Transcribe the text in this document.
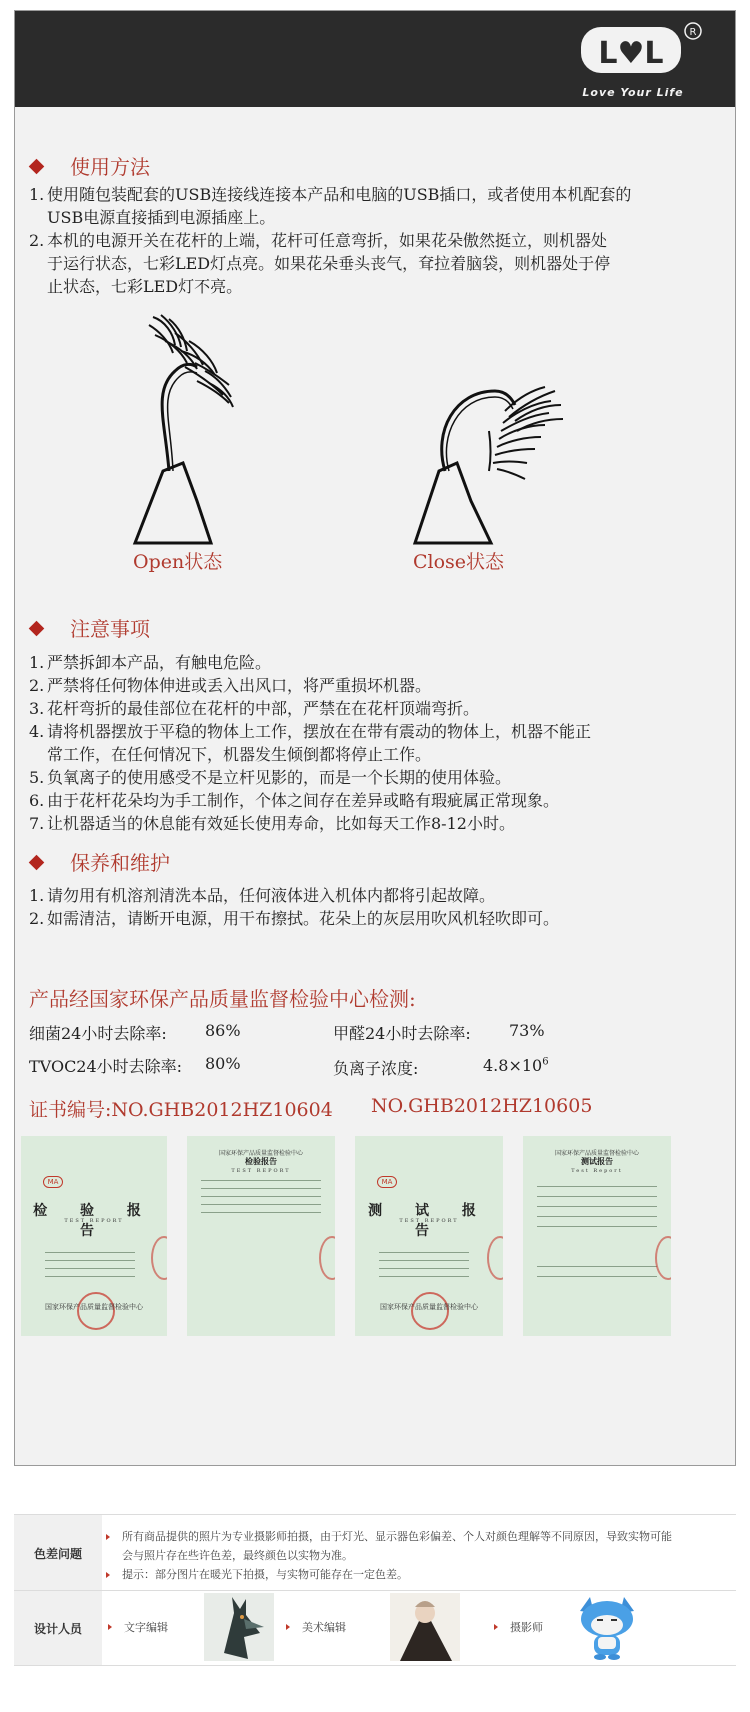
L♥L
R
Love Your Life
使用方法
1. 使用随包装配套的USB连接线连接本产品和电脑的USB插口，或者使用本机配套的
USB电源直接插到电源插座上。
2. 本机的电源开关在花杆的上端，花杆可任意弯折，如果花朵傲然挺立，则机器处
于运行状态，七彩LED灯点亮。如果花朵垂头丧气，耷拉着脑袋，则机器处于停
止状态，七彩LED灯不亮。
Open状态	Close状态
注意事项
1. 严禁拆卸本产品，有触电危险。
2. 严禁将任何物体伸进或丢入出风口，将严重损坏机器。
3. 花杆弯折的最佳部位在花杆的中部，严禁在在花杆顶端弯折。
4. 请将机器摆放于平稳的物体上工作，摆放在在带有震动的物体上，机器不能正
常工作，在任何情况下，机器发生倾倒都将停止工作。
5. 负氧离子的使用感受不是立杆见影的，而是一个长期的使用体验。
6. 由于花杆花朵均为手工制作，个体之间存在差异或略有瑕疵属正常现象。
7. 让机器适当的休息能有效延长使用寿命，比如每天工作8-12小时。
保养和维护
1. 请勿用有机溶剂清洗本品，任何液体进入机体内都将引起故障。
2. 如需清洁，请断开电源，用干布擦拭。花朵上的灰层用吹风机轻吹即可。
产品经国家环保产品质量监督检验中心检测:
细菌24小时去除率: 86%	甲醛24小时去除率: 73%
TVOC24小时去除率: 80%	负离子浓度:	$4.8\times 10^6$
证书编号:NO.GHB2012HZ10604 NO.GHB2012HZ10605
MA
检 验 报 告
TEST REPORT
国家环保产品质量监督检验中心
国家环保产品质量监督检验中心
检验报告
TEST REPORT
MA
测 试 报 告
TEST REPORT
国家环保产品质量监督检验中心
国家环保产品质量监督检验中心
测试报告
Test Report
色差问题
所有商品提供的照片为专业摄影师拍摄，由于灯光、显示器色彩偏差、个人对颜色理解等不同原因，导致实物可能
会与照片存在些许色差，最终颜色以实物为准。
提示：部分图片在暖光下拍摄，与实物可能存在一定色差。
设计人员	文字编辑	美术编辑	摄影师
